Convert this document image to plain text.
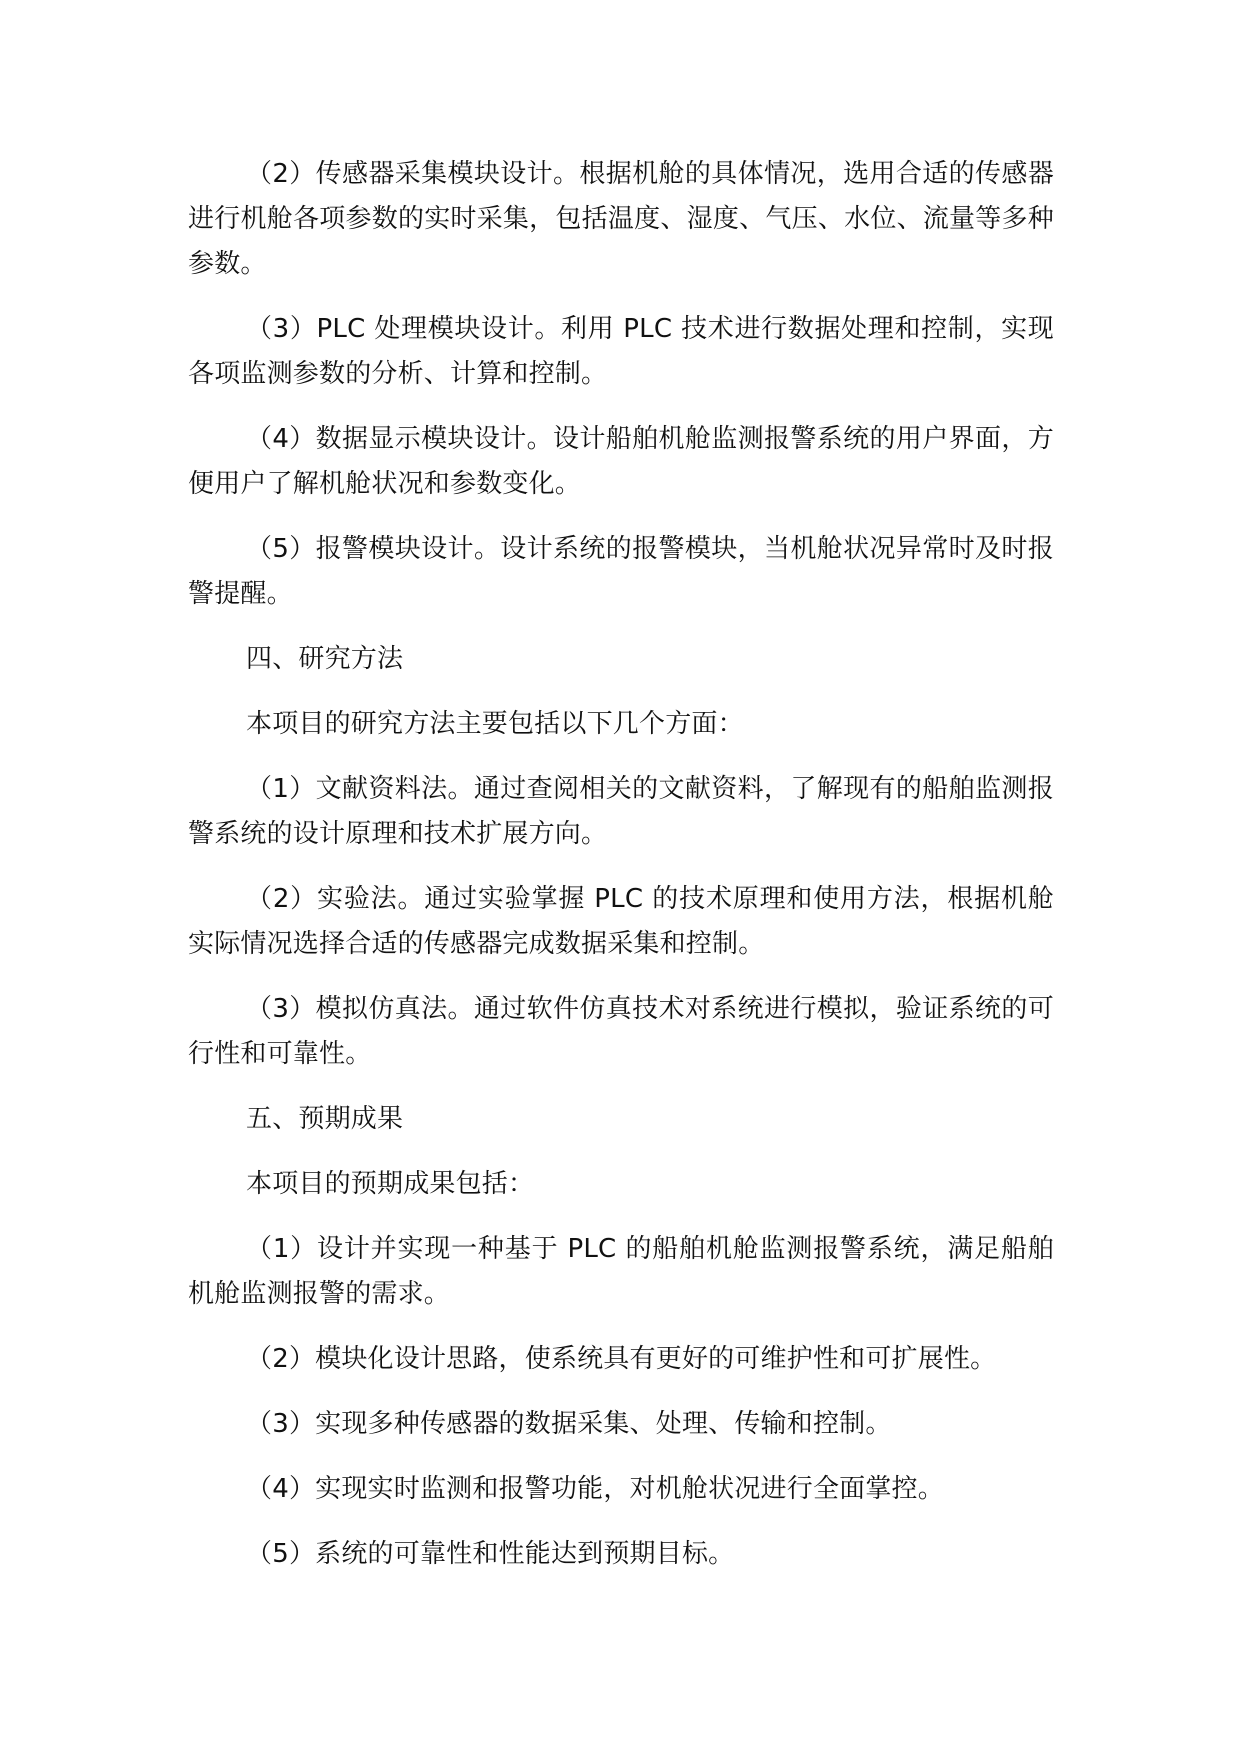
（2）传感器采集模块设计。根据机舱的具体情况，选用合适的传感器进行机舱各项参数的实时采集，包括温度、湿度、气压、水位、流量等多种参数。

（3）PLC 处理模块设计。利用 PLC 技术进行数据处理和控制，实现各项监测参数的分析、计算和控制。

（4）数据显示模块设计。设计船舶机舱监测报警系统的用户界面，方便用户了解机舱状况和参数变化。

（5）报警模块设计。设计系统的报警模块，当机舱状况异常时及时报警提醒。

四、研究方法

本项目的研究方法主要包括以下几个方面：

（1）文献资料法。通过查阅相关的文献资料，了解现有的船舶监测报警系统的设计原理和技术扩展方向。

（2）实验法。通过实验掌握 PLC 的技术原理和使用方法，根据机舱实际情况选择合适的传感器完成数据采集和控制。

（3）模拟仿真法。通过软件仿真技术对系统进行模拟，验证系统的可行性和可靠性。

五、预期成果

本项目的预期成果包括：

（1）设计并实现一种基于 PLC 的船舶机舱监测报警系统，满足船舶机舱监测报警的需求。

（2）模块化设计思路，使系统具有更好的可维护性和可扩展性。

（3）实现多种传感器的数据采集、处理、传输和控制。

（4）实现实时监测和报警功能，对机舱状况进行全面掌控。

（5）系统的可靠性和性能达到预期目标。
